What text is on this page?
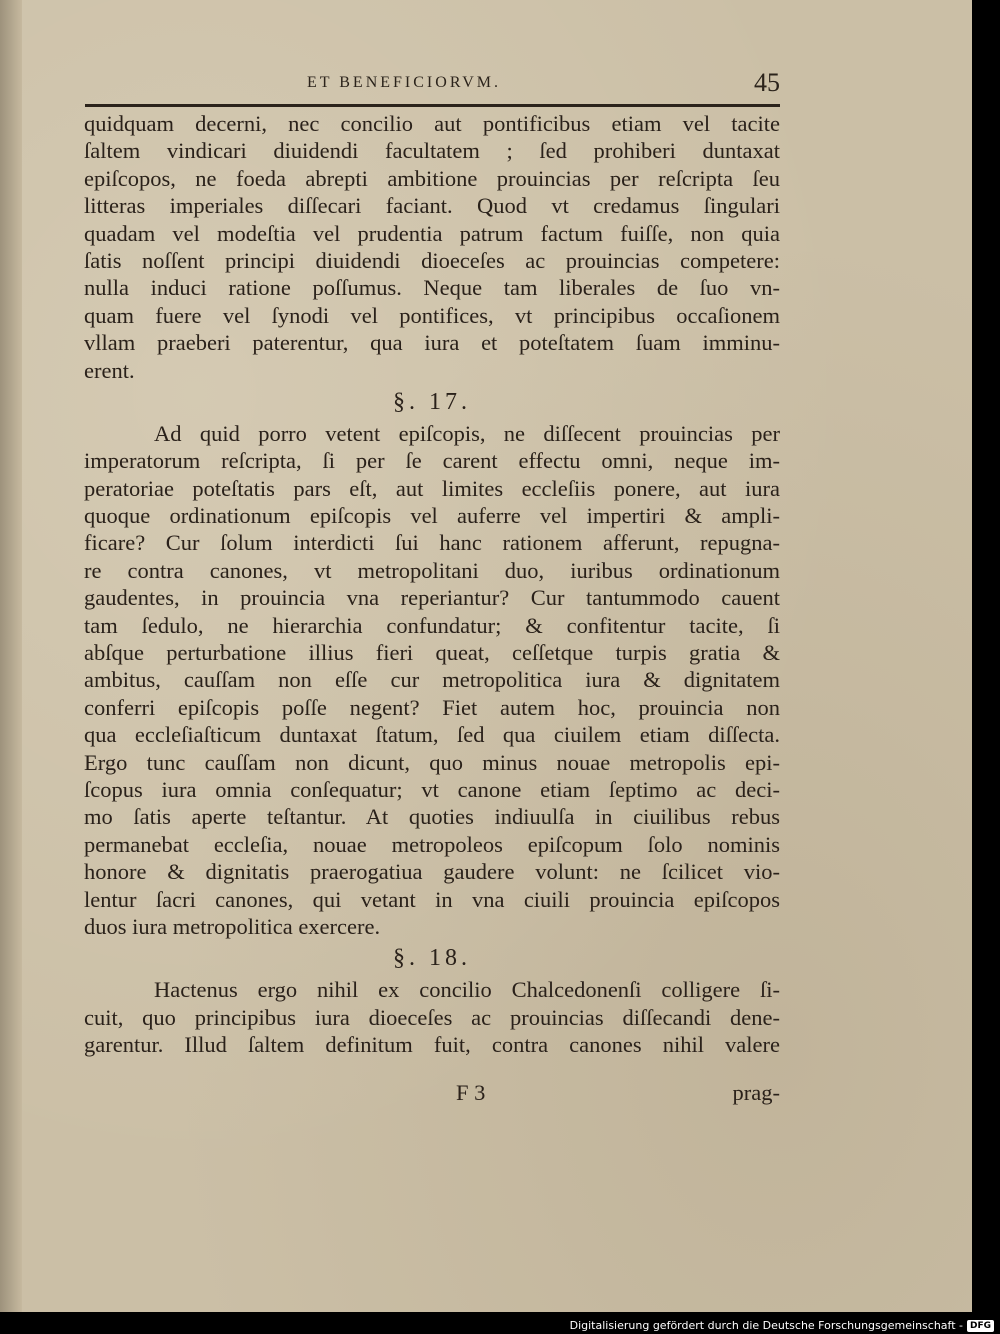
ET BENEFICIORVM.	45
quidquam decerni, nec concilio aut pontificibus etiam vel tacite
ſaltem vindicari diuidendi facultatem ; ſed prohiberi duntaxat
epiſcopos, ne foeda abrepti ambitione prouincias per reſcripta ſeu
litteras imperiales diſſecari faciant. Quod vt credamus ſingulari
quadam vel modeſtia vel prudentia patrum factum fuiſſe, non quia
ſatis noſſent principi diuidendi dioeceſes ac prouincias competere:
nulla induci ratione poſſumus. Neque tam liberales de ſuo vn-
quam fuere vel ſynodi vel pontifices, vt principibus occaſionem
vllam praeberi paterentur, qua iura et poteſtatem ſuam imminu-
erent.
§. 17.
Ad quid porro vetent epiſcopis, ne diſſecent prouincias per
imperatorum reſcripta, ſi per ſe carent effectu omni, neque im-
peratoriae poteſtatis pars eſt, aut limites eccleſiis ponere, aut iura
quoque ordinationum epiſcopis vel auferre vel impertiri & ampli-
ficare? Cur ſolum interdicti ſui hanc rationem afferunt, repugna-
re contra canones, vt metropolitani duo, iuribus ordinationum
gaudentes, in prouincia vna reperiantur? Cur tantummodo cauent
tam ſedulo, ne hierarchia confundatur; & confitentur tacite, ſi
abſque perturbatione illius fieri queat, ceſſetque turpis gratia &
ambitus, cauſſam non eſſe cur metropolitica iura & dignitatem
conferri epiſcopis poſſe negent? Fiet autem hoc, prouincia non
qua eccleſiaſticum duntaxat ſtatum, ſed qua ciuilem etiam diſſecta.
Ergo tunc cauſſam non dicunt, quo minus nouae metropolis epi-
ſcopus iura omnia conſequatur; vt canone etiam ſeptimo ac deci-
mo ſatis aperte teſtantur. At quoties indiuulſa in ciuilibus rebus
permanebat eccleſia, nouae metropoleos epiſcopum ſolo nominis
honore & dignitatis praerogatiua gaudere volunt: ne ſcilicet vio-
lentur ſacri canones, qui vetant in vna ciuili prouincia epiſcopos
duos iura metropolitica exercere.
§. 18.
Hactenus ergo nihil ex concilio Chalcedonenſi colligere ſi-
cuit, quo principibus iura dioeceſes ac prouincias diſſecandi dene-
garentur. Illud ſaltem definitum fuit, contra canones nihil valere
F 3	prag-
Digitalisierung gefördert durch die Deutsche Forschungsgemeinschaft - DFG
